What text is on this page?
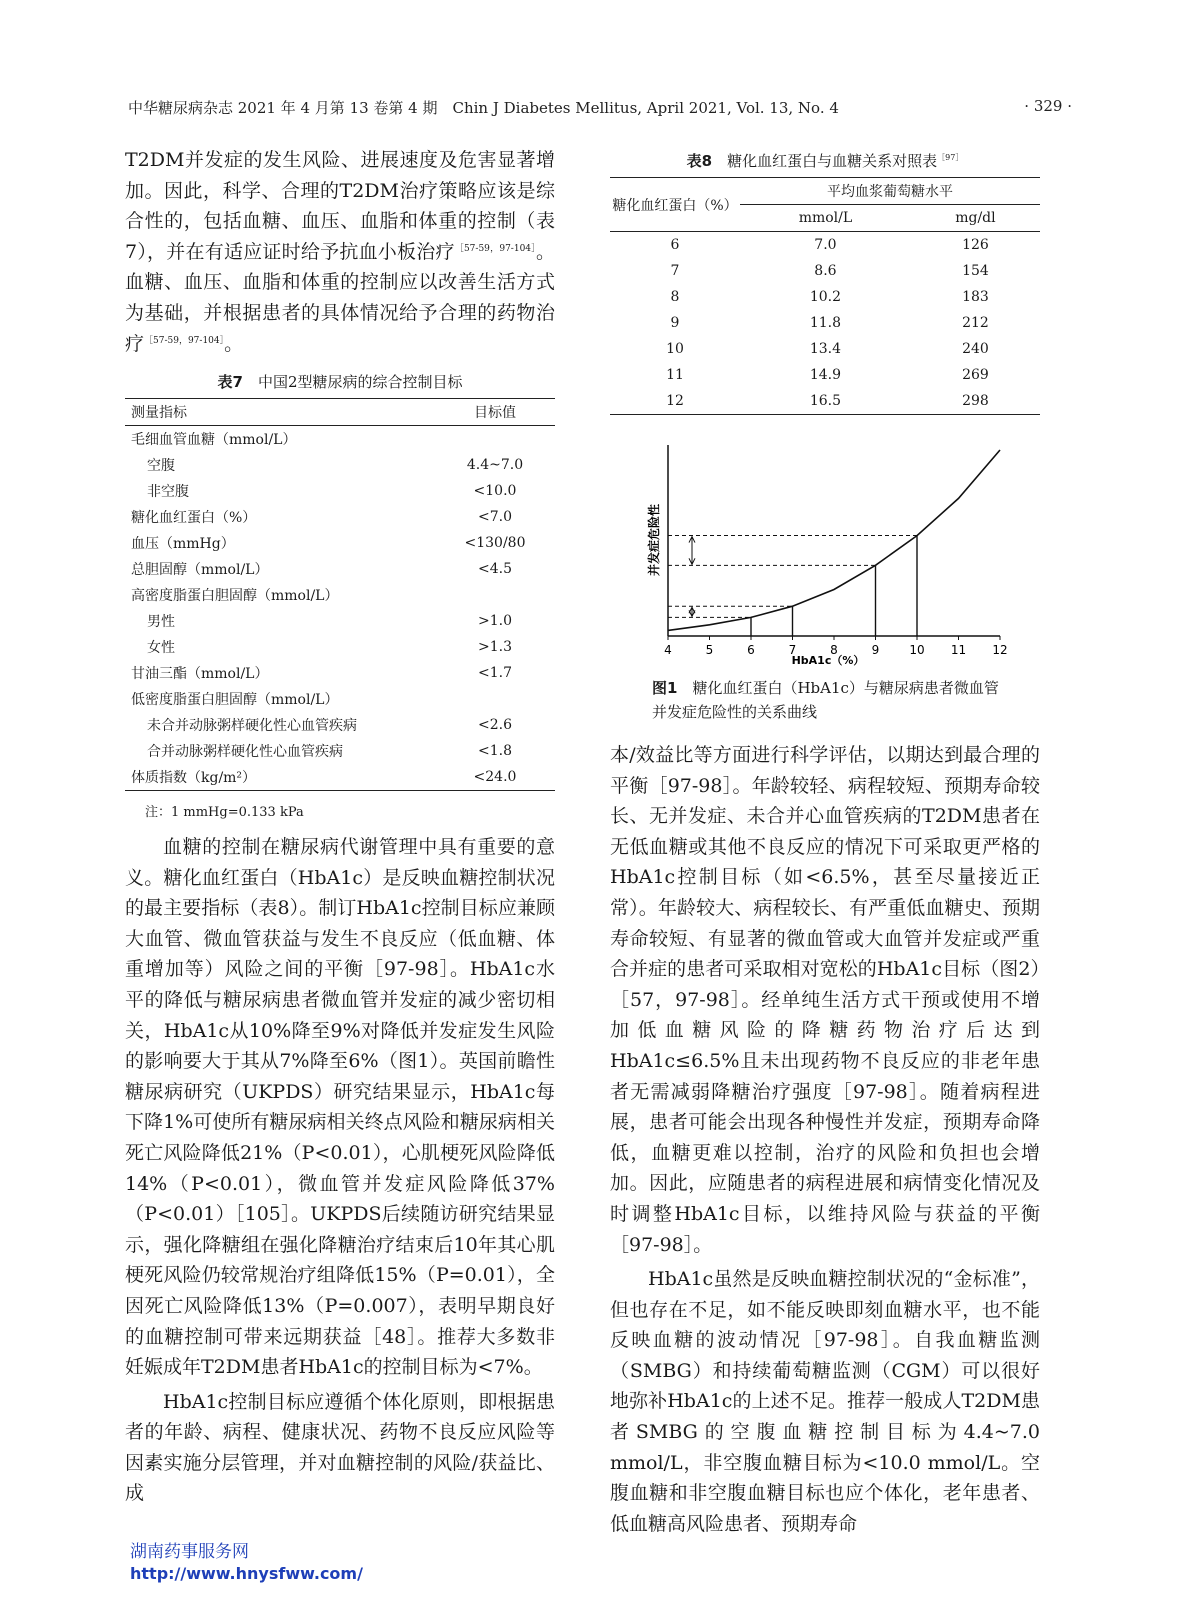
中华糖尿病杂志 2021 年 4 月第 13 卷第 4 期　Chin J Diabetes Mellitus, April 2021, Vol. 13, No. 4	· 329 ·

T2DM并发症的发生风险、进展速度及危害显著增加。因此，科学、合理的T2DM治疗策略应该是综合性的，包括血糖、血压、血脂和体重的控制（表7），并在有适应证时给予抗血小板治疗$^{[57-59,97-104]}$。血糖、血压、血脂和体重的控制应以改善生活方式为基础，并根据患者的具体情况给予合理的药物治疗$^{[57-59,97-104]}$。

表7　 中国2型糖尿病的综合控制目标
测量指标	目标值
毛细血管血糖（mmol/L）	
空腹	4.4~7.0
非空腹	<10.0
糖化血红蛋白（%）	<7.0
血压（mmHg）	<130/80
总胆固醇（mmol/L）	<4.5
高密度脂蛋白胆固醇（mmol/L）	
男性	>1.0
女性	>1.3
甘油三酯（mmol/L）	<1.7
低密度脂蛋白胆固醇（mmol/L）	
未合并动脉粥样硬化性心血管疾病	<2.6
合并动脉粥样硬化性心血管疾病	<1.8
体质指数（kg/m²）	<24.0
注：1 mmHg=0.133 kPa

血糖的控制在糖尿病代谢管理中具有重要的意义。糖化血红蛋白（HbA1c）是反映血糖控制状况的最主要指标（表8）。制订HbA1c控制目标应兼顾大血管、微血管获益与发生不良反应（低血糖、体重增加等）风险之间的平衡［97-98］。HbA1c水平的降低与糖尿病患者微血管并发症的减少密切相关，HbA1c从10%降至9%对降低并发症发生风险的影响要大于其从7%降至6%（图1）。英国前瞻性糖尿病研究（UKPDS）研究结果显示，HbA1c每下降1%可使所有糖尿病相关终点风险和糖尿病相关死亡风险降低21%（P<0.01），心肌梗死风险降低14%（P<0.01），微血管并发症风险降低37%（P<0.01）［105］。UKPDS后续随访研究结果显示，强化降糖组在强化降糖治疗结束后10年其心肌梗死风险仍较常规治疗组降低15%（P=0.01），全因死亡风险降低13%（P=0.007），表明早期良好的血糖控制可带来远期获益［48］。推荐大多数非妊娠成年T2DM患者HbA1c的控制目标为<7%。

HbA1c控制目标应遵循个体化原则，即根据患者的年龄、病程、健康状况、药物不良反应风险等因素实施分层管理，并对血糖控制的风险/获益比、成

表8　 糖化血红蛋白与血糖关系对照表$^{[97]}$
糖化血红蛋白（%）	平均血浆葡萄糖水平	
	mmol/L	mg/dl
6	7.0	126
7	8.6	154
8	10.2	183
9	11.8	212
10	13.4	240
11	14.9	269
12	16.5	298
并发症危险性
HbA1c（%）
4	5	6	7	8	9	10 11 12
图1　 糖化血红蛋白（HbA1c）与糖尿病患者微血管
并发症危险性的关系曲线

本/效益比等方面进行科学评估，以期达到最合理的平衡［97-98］。年龄较轻、病程较短、预期寿命较长、无并发症、未合并心血管疾病的T2DM患者在无低血糖或其他不良反应的情况下可采取更严格的HbA1c控制目标（如<6.5%，甚至尽量接近正常）。年龄较大、病程较长、有严重低血糖史、预期寿命较短、有显著的微血管或大血管并发症或严重合并症的患者可采取相对宽松的HbA1c目标（图2）［57，97-98］。经单纯生活方式干预或使用不增加低血糖风险的降糖药物治疗后达到HbA1c≤6.5%且未出现药物不良反应的非老年患者无需减弱降糖治疗强度［97-98］。随着病程进展，患者可能会出现各种慢性并发症，预期寿命降低，血糖更难以控制，治疗的风险和负担也会增加。因此，应随患者的病程进展和病情变化情况及时调整HbA1c目标，以维持风险与获益的平衡［97-98］。

HbA1c虽然是反映血糖控制状况的“金标准”，但也存在不足，如不能反映即刻血糖水平，也不能反映血糖的波动情况［97-98］。自我血糖监测（SMBG）和持续葡萄糖监测（CGM）可以很好地弥补HbA1c的上述不足。推荐一般成人T2DM患者SMBG的空腹血糖控制目标为4.4~7.0 mmol/L，非空腹血糖目标为<10.0 mmol/L。空腹血糖和非空腹血糖目标也应个体化，老年患者、低血糖高风险患者、预期寿命

湖南药事服务网
http://www.hnysfww.com/
